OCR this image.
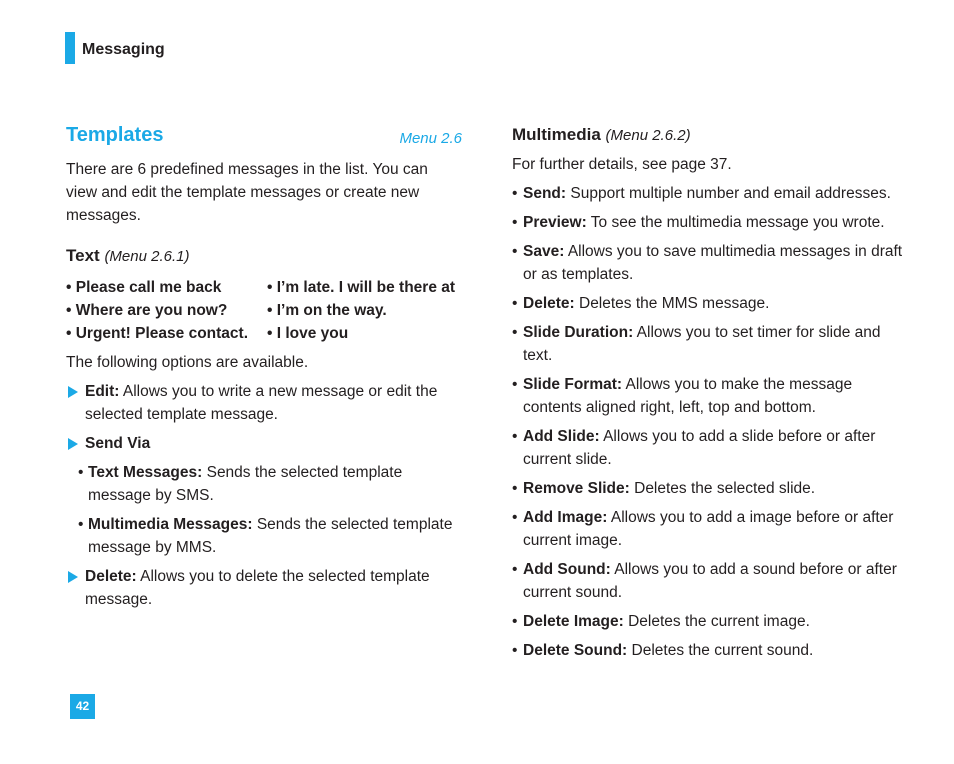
Messaging
Templates	Menu 2.6
There are 6 predefined messages in the list. You can view and edit the template messages or create new messages.
Text (Menu 2.6.1)
• Please call me back	• I’m late. I will be there at
• Where are you now?	• I’m on the way.
• Urgent! Please contact.	• I love you
The following options are available.
Edit: Allows you to write a new message or edit the selected template message.
Send Via
• Text Messages: Sends the selected template message by SMS.
• Multimedia Messages: Sends the selected template message by MMS.
Delete: Allows you to delete the selected template message.
Multimedia (Menu 2.6.2)
For further details, see page 37.
• Send: Support multiple number and email addresses.
• Preview: To see the multimedia message you wrote.
• Save: Allows you to save multimedia messages in draft or as templates.
• Delete: Deletes the MMS message.
• Slide Duration: Allows you to set timer for slide and text.
• Slide Format: Allows you to make the message contents aligned right, left, top and bottom.
• Add Slide: Allows you to add a slide before or after current slide.
• Remove Slide: Deletes the selected slide.
• Add Image: Allows you to add a image before or after current image.
• Add Sound: Allows you to add a sound before or after current sound.
• Delete Image: Deletes the current image.
• Delete Sound: Deletes the current sound.
42
